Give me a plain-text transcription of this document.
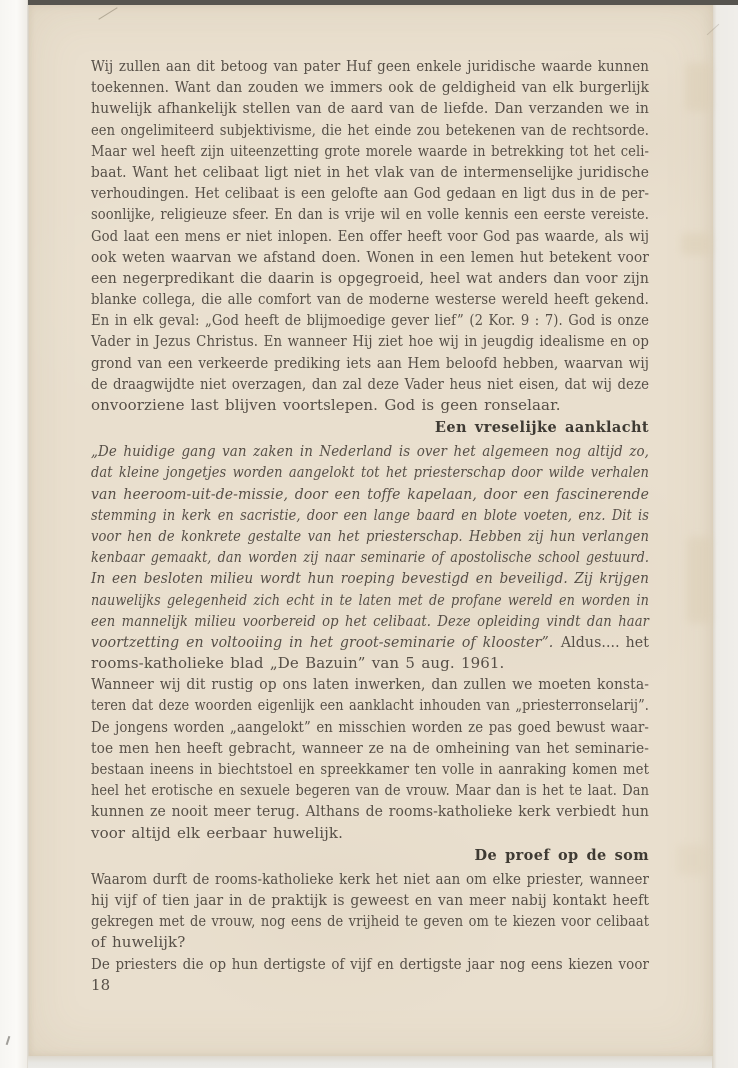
Wij zullen aan dit betoog van pater Huf geen enkele juridische waarde kunnen
toekennen. Want dan zouden we immers ook de geldigheid van elk burgerlijk
huwelijk afhankelijk stellen van de aard van de liefde. Dan verzanden we in
een ongelimiteerd subjektivisme, die het einde zou betekenen van de rechtsorde.
Maar wel heeft zijn uiteenzetting grote morele waarde in betrekking tot het celi-
baat. Want het celibaat ligt niet in het vlak van de intermenselijke juridische
verhoudingen. Het celibaat is een gelofte aan God gedaan en ligt dus in de per-
soonlijke, religieuze sfeer. En dan is vrije wil en volle kennis een eerste vereiste.
God laat een mens er niet inlopen. Een offer heeft voor God pas waarde, als wij
ook weten waarvan we afstand doen. Wonen in een lemen hut betekent voor
een negerpredikant die daarin is opgegroeid, heel wat anders dan voor zijn
blanke collega, die alle comfort van de moderne westerse wereld heeft gekend.
En in elk geval: „God heeft de blijmoedige gever lief” (2 Kor. 9 : 7). God is onze
Vader in Jezus Christus. En wanneer Hij ziet hoe wij in jeugdig idealisme en op
grond van een verkeerde prediking iets aan Hem beloofd hebben, waarvan wij
de draagwijdte niet overzagen, dan zal deze Vader heus niet eisen, dat wij deze
onvoorziene last blijven voortslepen. God is geen ronselaar.
Een vreselijke aanklacht
„De huidige gang van zaken in Nederland is over het algemeen nog altijd zo,
dat kleine jongetjes worden aangelokt tot het priesterschap door wilde verhalen
van heeroom-uit-de-missie, door een toffe kapelaan, door een fascinerende
stemming in kerk en sacristie, door een lange baard en blote voeten, enz. Dit is
voor hen de konkrete gestalte van het priesterschap. Hebben zij hun verlangen
kenbaar gemaakt, dan worden zij naar seminarie of apostolische school gestuurd.
In een besloten milieu wordt hun roeping bevestigd en beveiligd. Zij krijgen
nauwelijks gelegenheid zich echt in te laten met de profane wereld en worden in
een mannelijk milieu voorbereid op het celibaat. Deze opleiding vindt dan haar
voortzetting en voltooiing in het groot-seminarie of klooster”. Aldus.... het
rooms-katholieke blad „De Bazuin” van 5 aug. 1961.
Wanneer wij dit rustig op ons laten inwerken, dan zullen we moeten konsta-
teren dat deze woorden eigenlijk een aanklacht inhouden van „priesterronselarij”.
De jongens worden „aangelokt” en misschien worden ze pas goed bewust waar-
toe men hen heeft gebracht, wanneer ze na de omheining van het seminarie-
bestaan ineens in biechtstoel en spreekkamer ten volle in aanraking komen met
heel het erotische en sexuele begeren van de vrouw. Maar dan is het te laat. Dan
kunnen ze nooit meer terug. Althans de rooms-katholieke kerk verbiedt hun
voor altijd elk eerbaar huwelijk.
De proef op de som
Waarom durft de rooms-katholieke kerk het niet aan om elke priester, wanneer
hij vijf of tien jaar in de praktijk is geweest en van meer nabij kontakt heeft
gekregen met de vrouw, nog eens de vrijheid te geven om te kiezen voor celibaat
of huwelijk?
De priesters die op hun dertigste of vijf en dertigste jaar nog eens kiezen voor
18
